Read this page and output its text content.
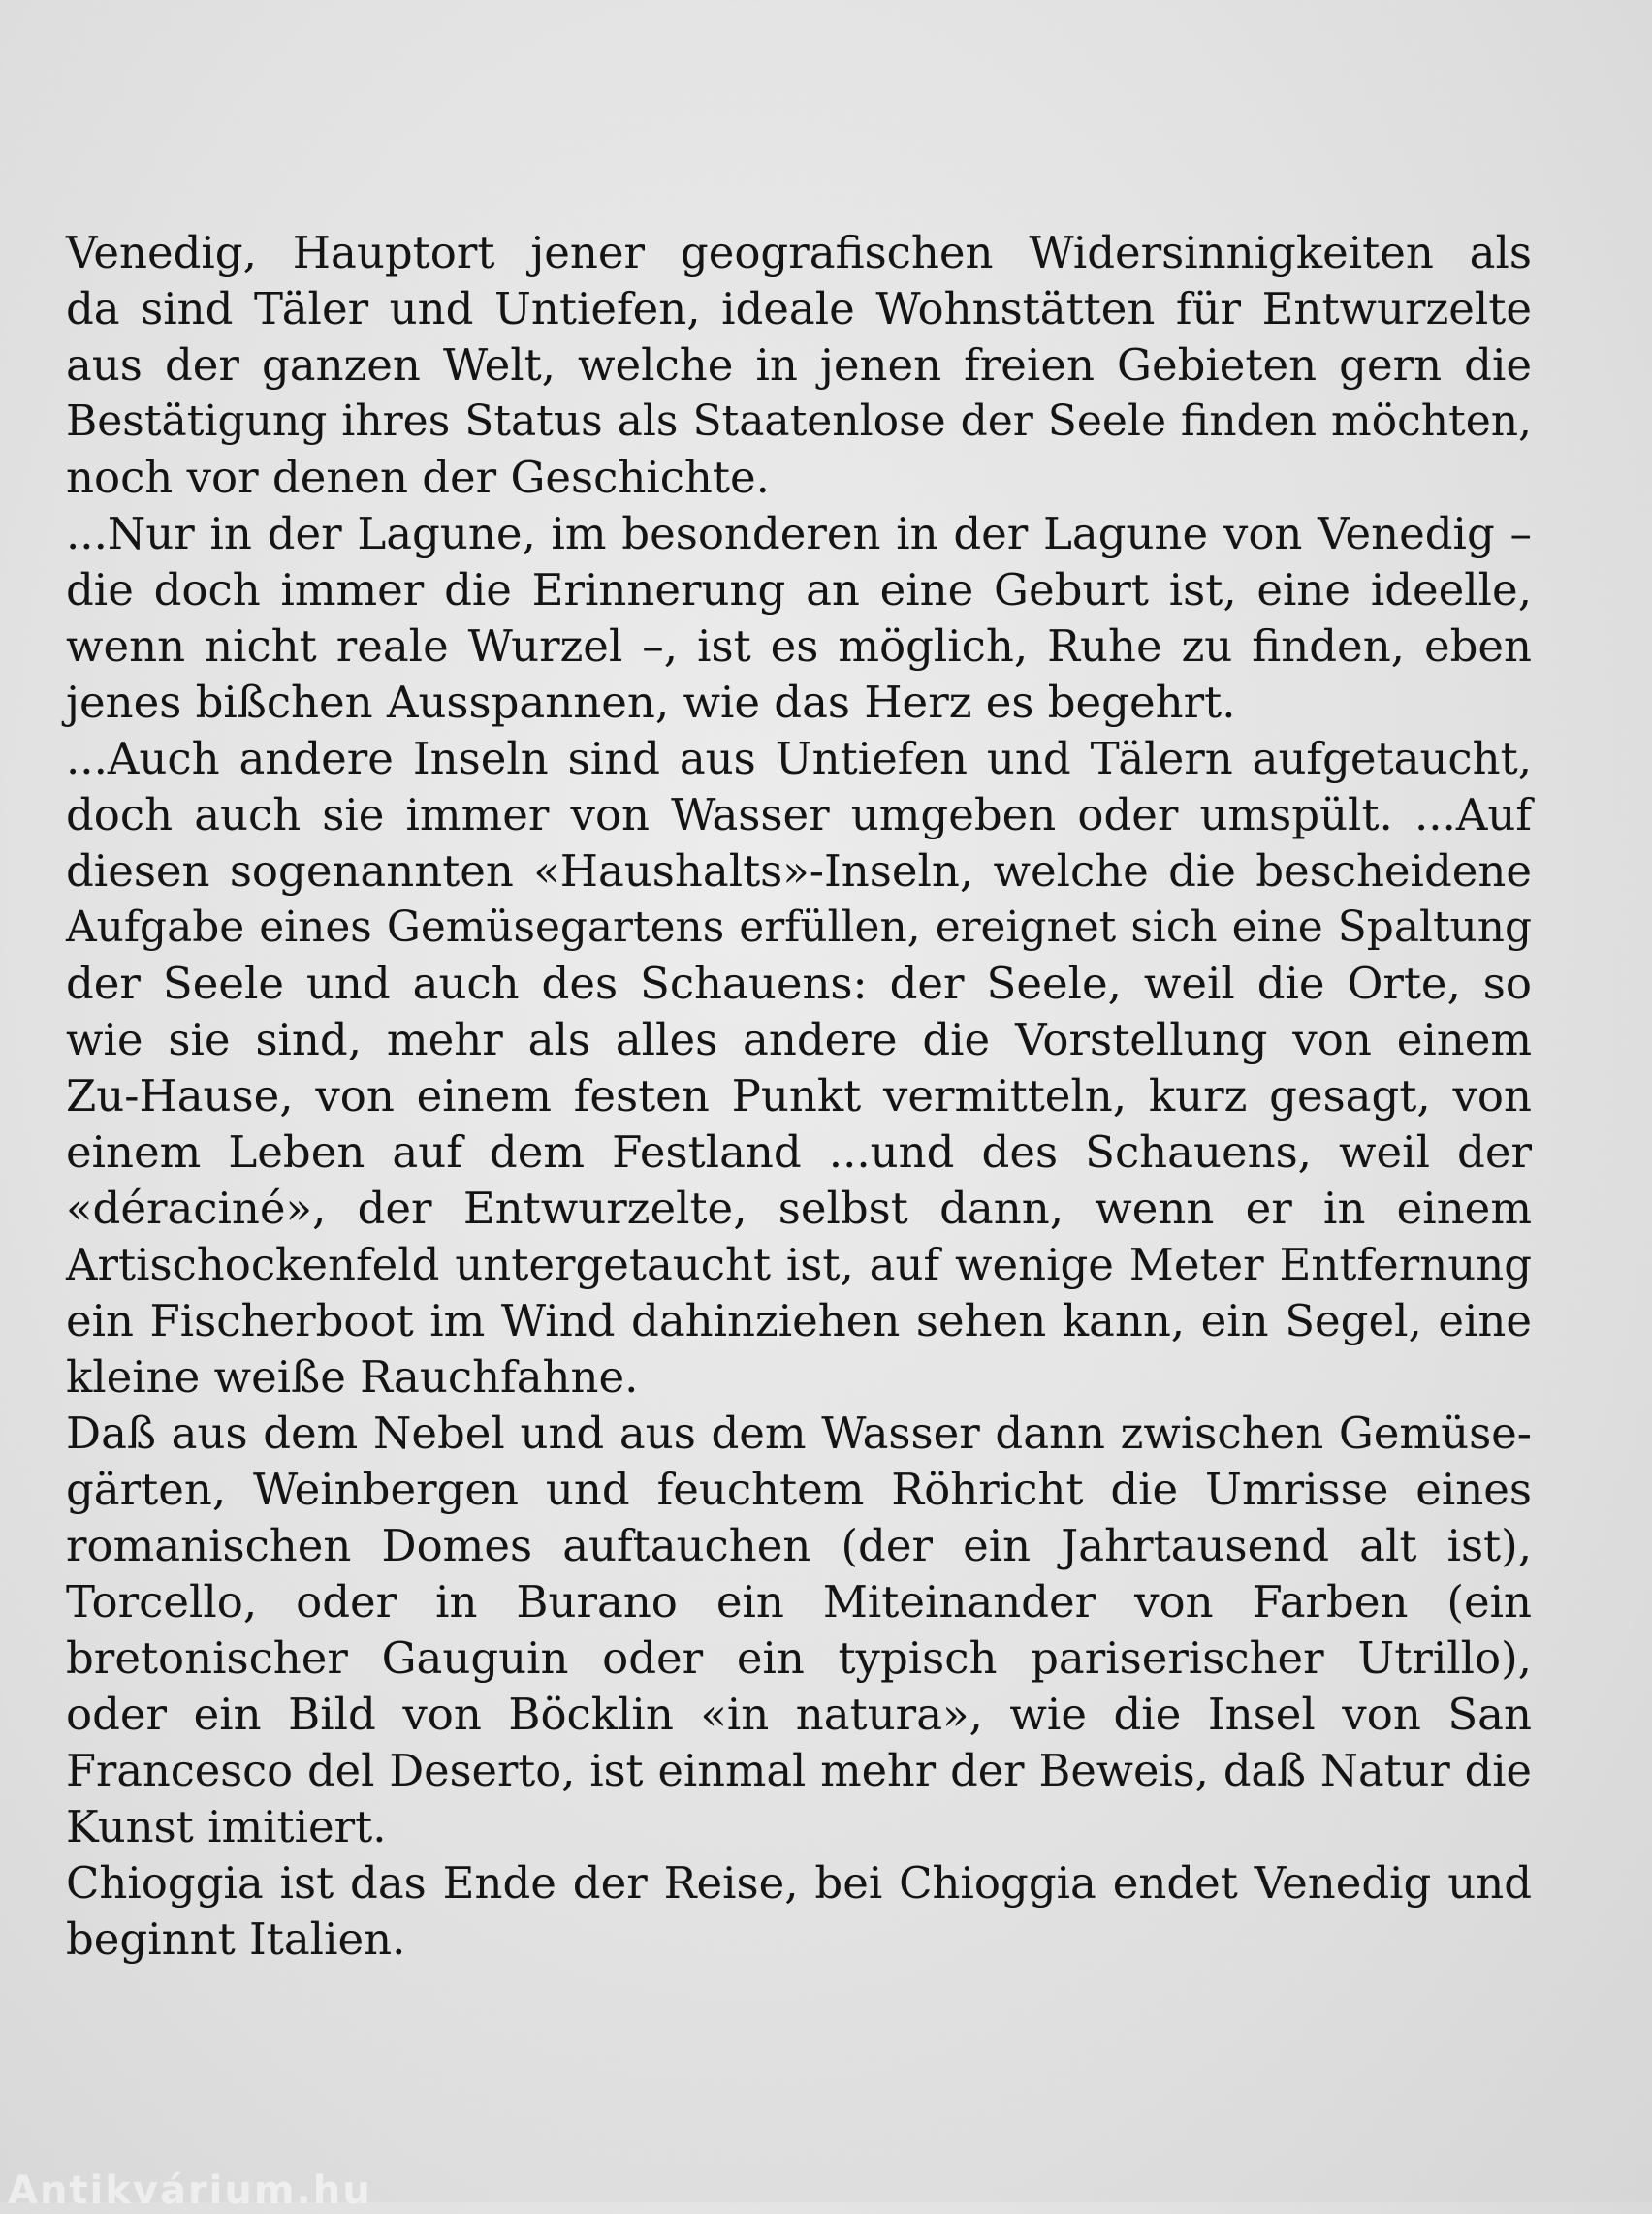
Venedig, Hauptort jener geografischen Widersinnigkeiten als
da sind Täler und Untiefen, ideale Wohnstätten für Entwurzelte
aus der ganzen Welt, welche in jenen freien Gebieten gern die
Bestätigung ihres Status als Staatenlose der Seele finden möchten,
noch vor denen der Geschichte.
...Nur in der Lagune, im besonderen in der Lagune von Venedig –
die doch immer die Erinnerung an eine Geburt ist, eine ideelle,
wenn nicht reale Wurzel –, ist es möglich, Ruhe zu finden, eben
jenes bißchen Ausspannen, wie das Herz es begehrt.
...Auch andere Inseln sind aus Untiefen und Tälern aufgetaucht,
doch auch sie immer von Wasser umgeben oder umspült. ...Auf
diesen sogenannten «Haushalts»-Inseln, welche die bescheidene
Aufgabe eines Gemüsegartens erfüllen, ereignet sich eine Spaltung
der Seele und auch des Schauens: der Seele, weil die Orte, so
wie sie sind, mehr als alles andere die Vorstellung von einem
Zu-Hause, von einem festen Punkt vermitteln, kurz gesagt, von
einem Leben auf dem Festland ...und des Schauens, weil der
«déraciné», der Entwurzelte, selbst dann, wenn er in einem
Artischockenfeld untergetaucht ist, auf wenige Meter Entfernung
ein Fischerboot im Wind dahinziehen sehen kann, ein Segel, eine
kleine weiße Rauchfahne.
Daß aus dem Nebel und aus dem Wasser dann zwischen Gemüse-
gärten, Weinbergen und feuchtem Röhricht die Umrisse eines
romanischen Domes auftauchen (der ein Jahrtausend alt ist),
Torcello, oder in Burano ein Miteinander von Farben (ein
bretonischer Gauguin oder ein typisch pariserischer Utrillo),
oder ein Bild von Böcklin «in natura», wie die Insel von San
Francesco del Deserto, ist einmal mehr der Beweis, daß Natur die
Kunst imitiert.
Chioggia ist das Ende der Reise, bei Chioggia endet Venedig und
beginnt Italien.
Antikvárium.hu
